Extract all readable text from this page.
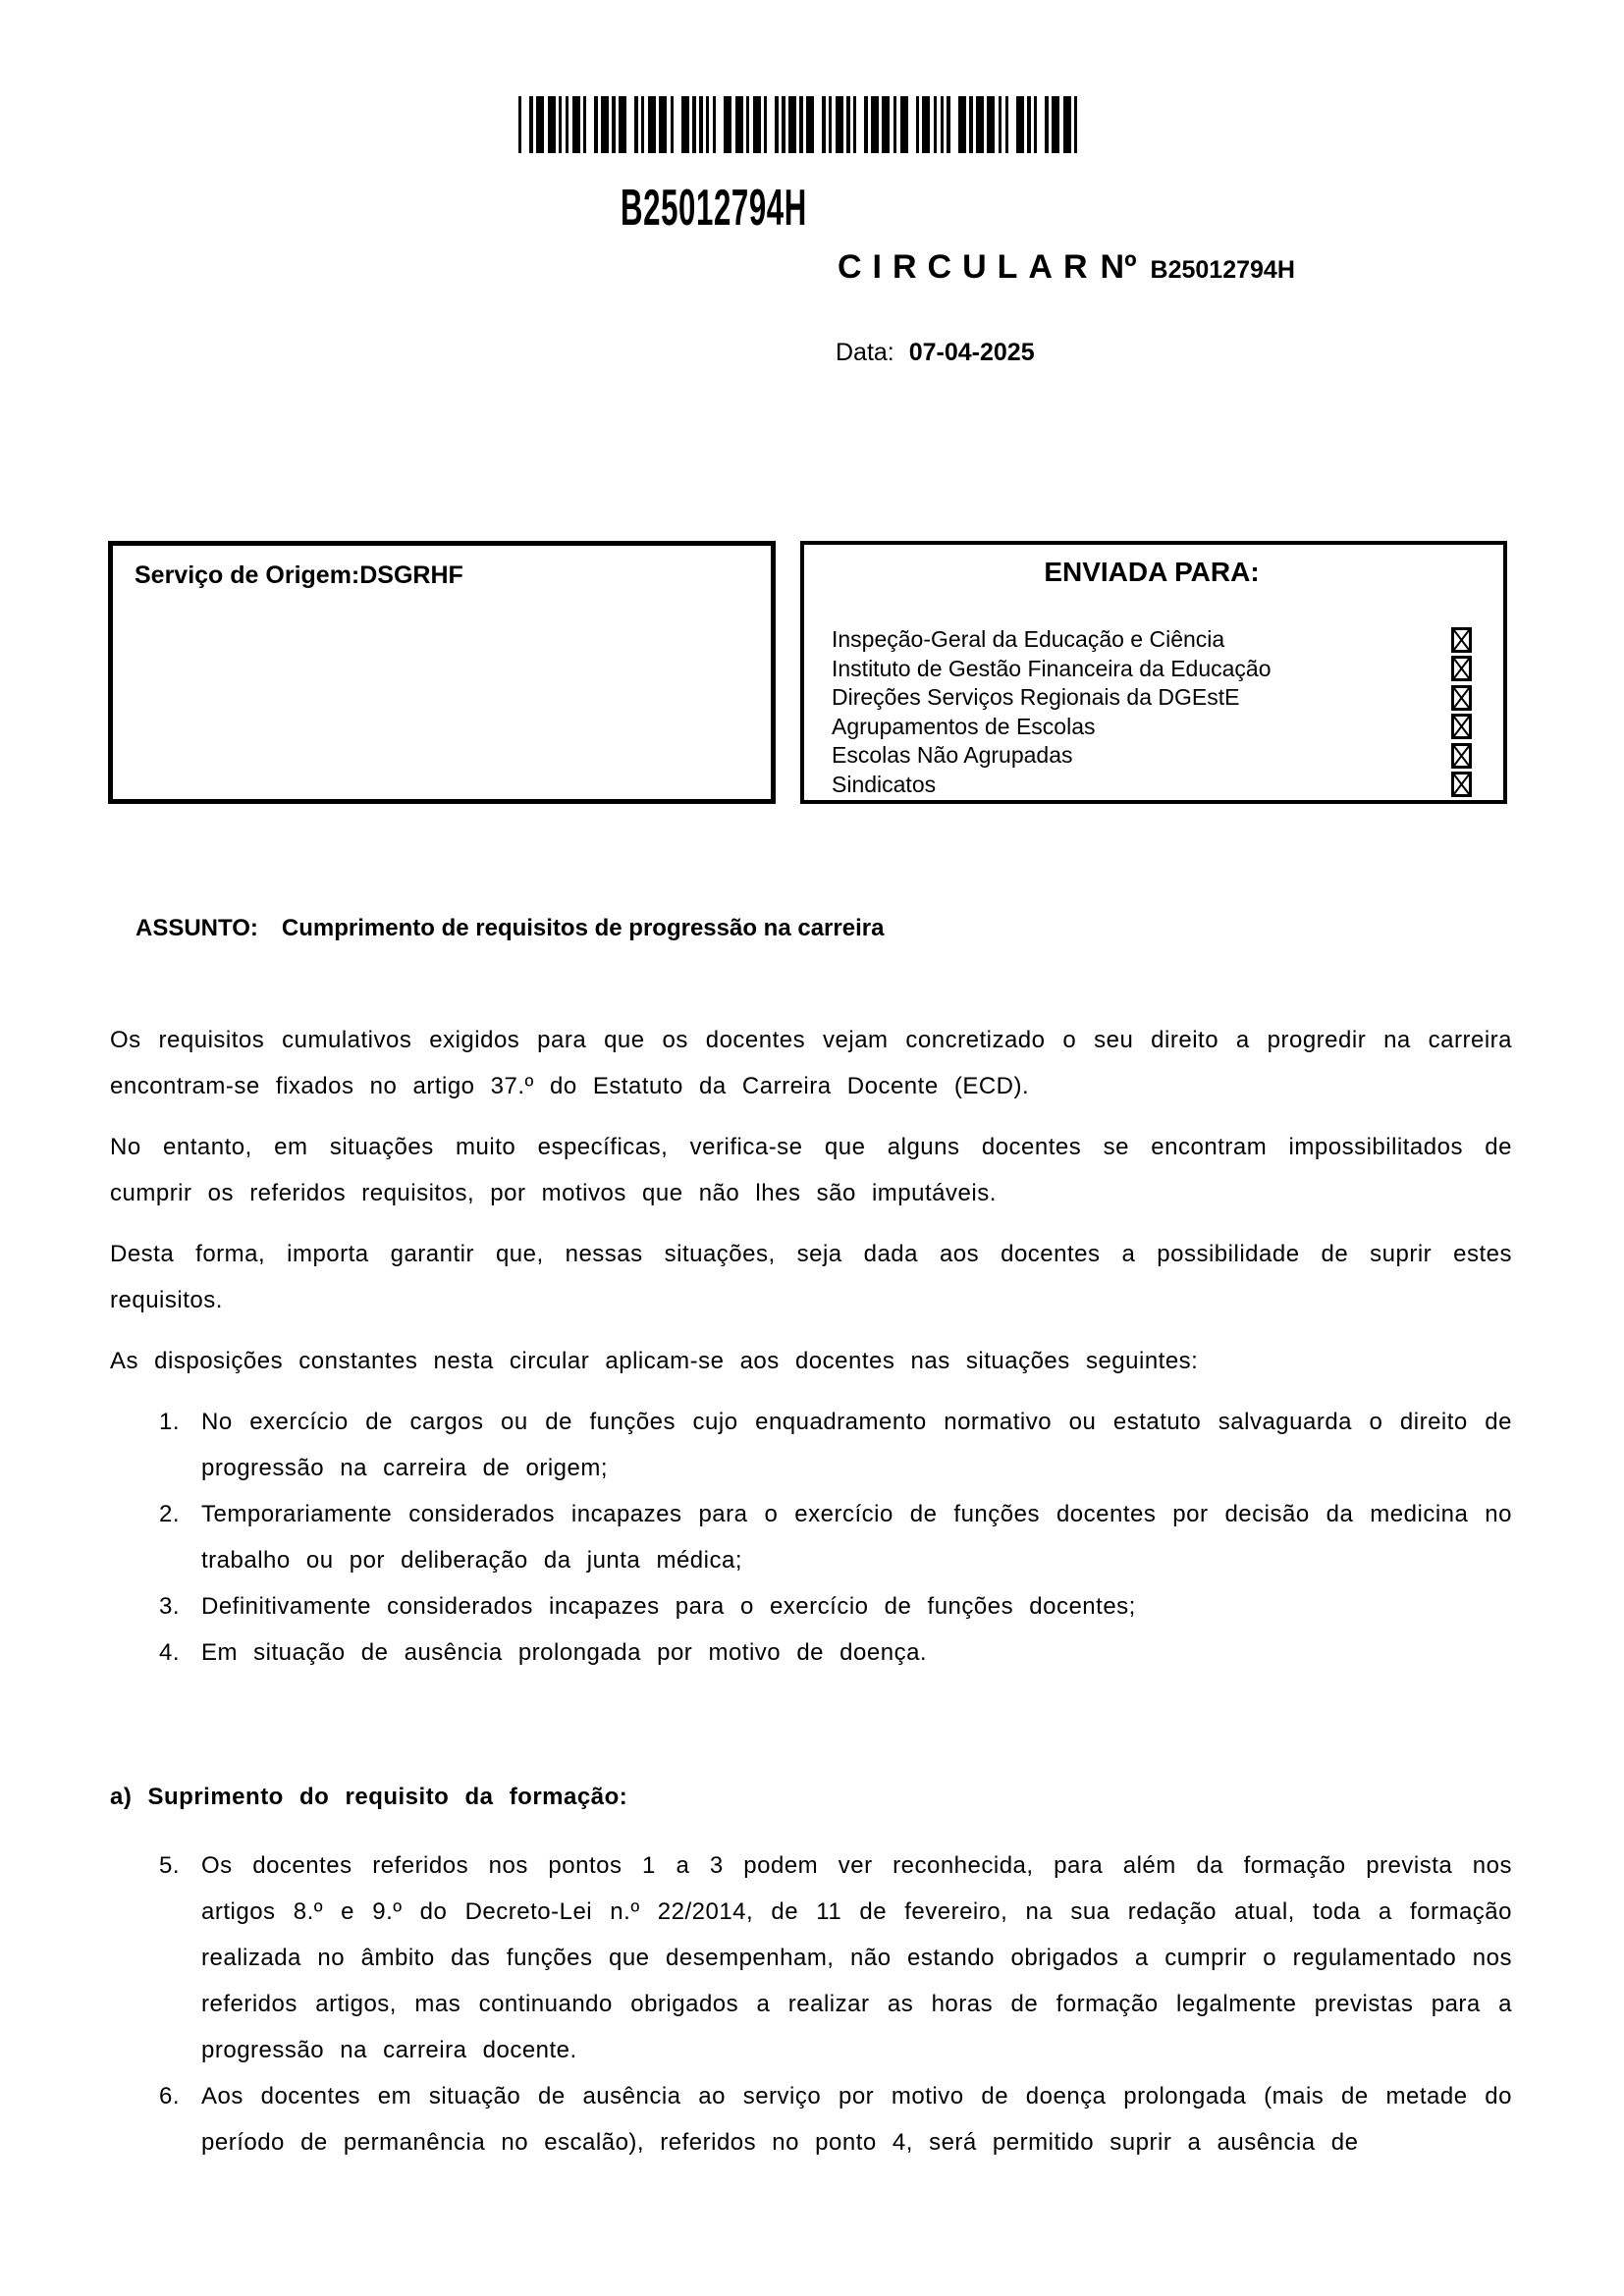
B25012794H
CIRCULAR Nº B25012794H
Data: 07-04-2025
Serviço de Origem:DSGRHF	ENVIADA PARA:
Inspeção-Geral da Educação e Ciência
Instituto de Gestão Financeira da Educação
Direções Serviços Regionais da DGEstE
Agrupamentos de Escolas
Escolas Não Agrupadas
Sindicatos
ASSUNTO: Cumprimento de requisitos de progressão na carreira

Os requisitos cumulativos exigidos para que os docentes vejam concretizado o seu direito a progredir na carreira encontram-se fixados no artigo 37.º do Estatuto da Carreira Docente (ECD).

No entanto, em situações muito específicas, verifica-se que alguns docentes se encontram impossibilitados de cumprir os referidos requisitos, por motivos que não lhes são imputáveis.

Desta forma, importa garantir que, nessas situações, seja dada aos docentes a possibilidade de suprir estes requisitos.

As disposições constantes nesta circular aplicam-se aos docentes nas situações seguintes:

1. No exercício de cargos ou de funções cujo enquadramento normativo ou estatuto salvaguarda o direito de progressão na carreira de origem;
2. Temporariamente considerados incapazes para o exercício de funções docentes por decisão da medicina no trabalho ou por deliberação da junta médica;
3. Definitivamente considerados incapazes para o exercício de funções docentes;
4. Em situação de ausência prolongada por motivo de doença.
a) Suprimento do requisito da formação:
5. Os docentes referidos nos pontos 1 a 3 podem ver reconhecida, para além da formação prevista nos artigos 8.º e 9.º do Decreto-Lei n.º 22/2014, de 11 de fevereiro, na sua redação atual, toda a formação realizada no âmbito das funções que desempenham, não estando obrigados a cumprir o regulamentado nos referidos artigos, mas continuando obrigados a realizar as horas de formação legalmente previstas para a progressão na carreira docente.
6. Aos docentes em situação de ausência ao serviço por motivo de doença prolongada (mais de metade do período de permanência no escalão), referidos no ponto 4, será permitido suprir a ausência de
